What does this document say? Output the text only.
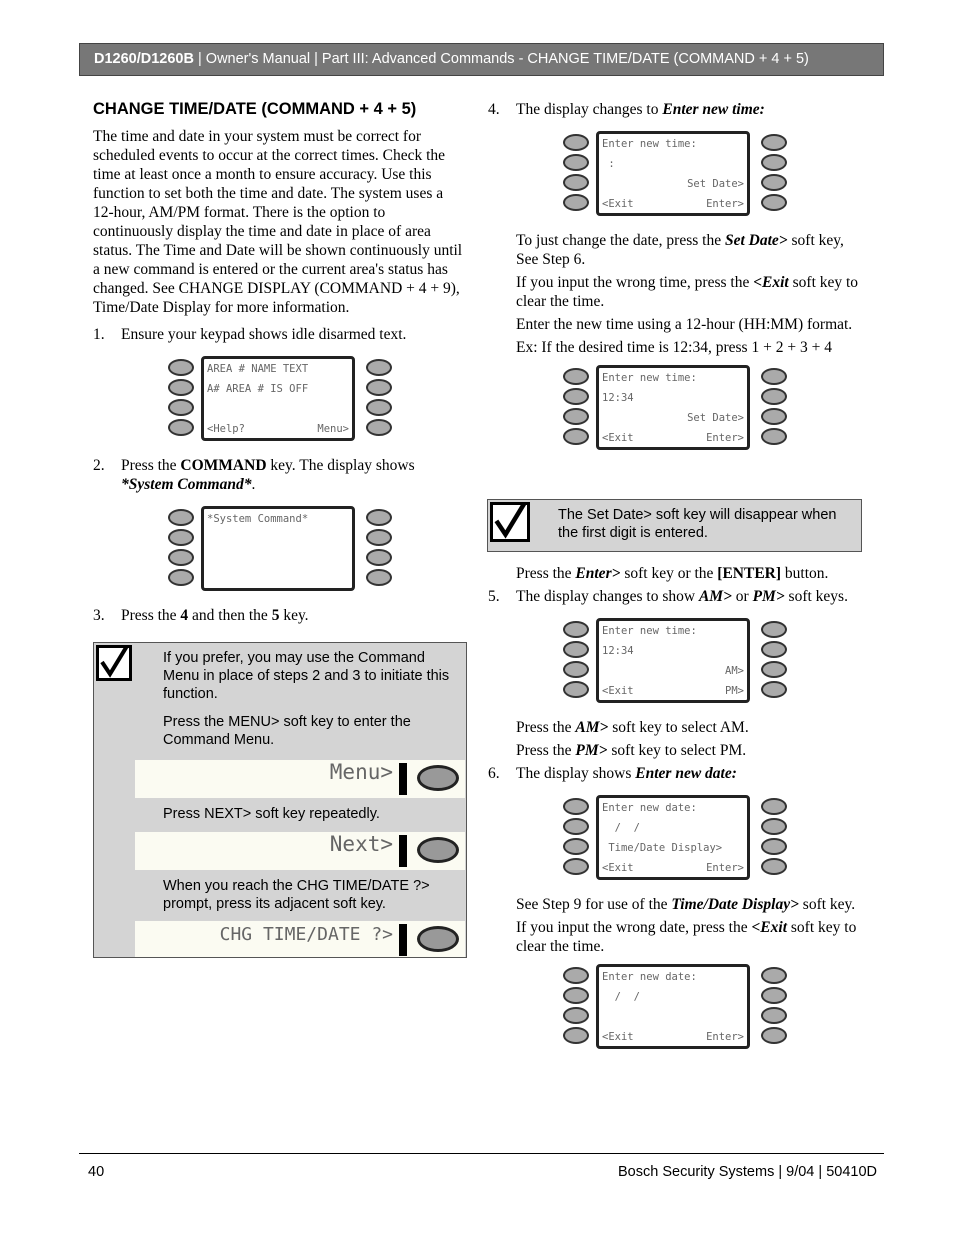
D1260/D1260B | Owner's Manual | Part III: Advanced Commands - CHANGE TIME/DATE (COMMAND + 4 + 5)
CHANGE TIME/DATE (COMMAND + 4 + 5)

The time and date in your system must be correct for scheduled events to occur at the correct times. Check the time at least once a month to ensure accuracy. Use this function to set both the time and date. The system uses a 12-hour, AM/PM format. There is the option to continuously display the time and date in place of area status. The Time and Date will be shown continuously until a new command is entered or the current area's status has changed. See CHANGE DISPLAY (COMMAND + 4 + 9), Time/Date Display for more information.

1. Ensure your keypad shows idle disarmed text.
AREA # NAME TEXT
A# AREA # IS OFF
<Help?	Menu>
2. Press the COMMAND key. The display shows *System Command*.
*System Command*
3. Press the 4 and then the 5 key.
If you prefer, you may use the Command Menu in place of steps 2 and 3 to initiate this function.
Press the MENU> soft key to enter the Command Menu.
Menu>
Press NEXT> soft key repeatedly.
Next>
When you reach the CHG TIME/DATE ?> prompt, press its adjacent soft key.
CHG TIME/DATE ?>
4. The display changes to Enter new time:
Enter new time:
:
Set Date>
<Exit	Enter>
To just change the date, press the Set Date> soft key, See Step 6.
If you input the wrong time, press the <Exit soft key to clear the time.
Enter the new time using a 12-hour (HH:MM) format.
Ex: If the desired time is 12:34, press 1 + 2 + 3 + 4
Enter new time:
12:34
Set Date>
<Exit	Enter>
The Set Date> soft key will disappear when the first digit is entered.
Press the Enter> soft key or the [ENTER] button.
5. The display changes to show AM> or PM> soft keys.
Enter new time:
12:34
AM>
<Exit	PM>
Press the AM> soft key to select AM.
Press the PM> soft key to select PM.
6. The display shows Enter new date:
Enter new date:
/  /
Time/Date Display>
<Exit	Enter>
See Step 9 for use of the Time/Date Display> soft key.
If you input the wrong date, press the <Exit soft key to clear the time.
Enter new date:
/  /
<Exit	Enter>
40	Bosch Security Systems | 9/04 | 50410D
